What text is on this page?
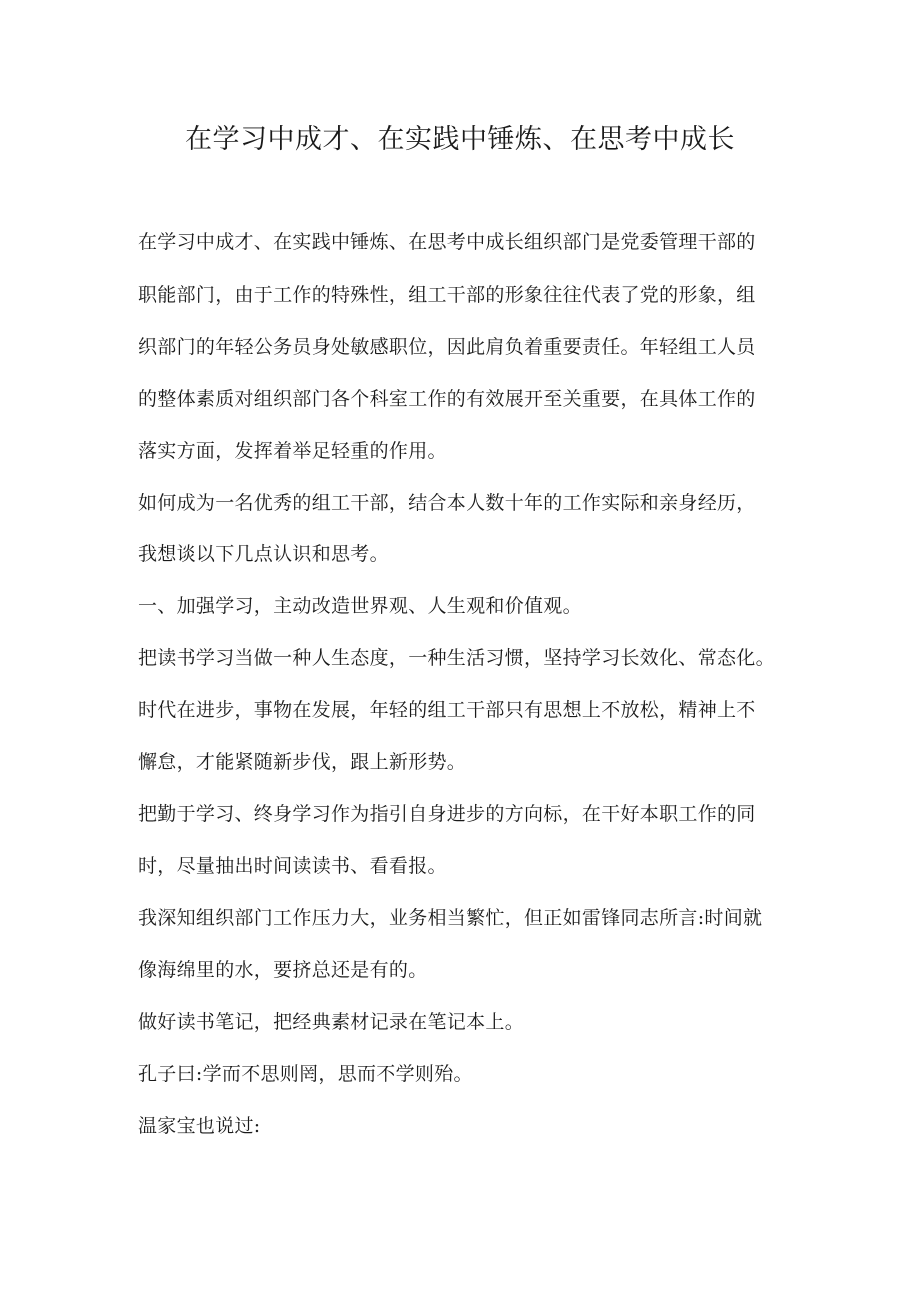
在学习中成才、在实践中锤炼、在思考中成长

在学习中成才、在实践中锤炼、在思考中成长组织部门是党委管理干部的

职能部门，由于工作的特殊性，组工干部的形象往往代表了党的形象，组

织部门的年轻公务员身处敏感职位，因此肩负着重要责任。年轻组工人员

的整体素质对组织部门各个科室工作的有效展开至关重要，在具体工作的

落实方面，发挥着举足轻重的作用。

如何成为一名优秀的组工干部，结合本人数十年的工作实际和亲身经历，

我想谈以下几点认识和思考。

一、加强学习，主动改造世界观、人生观和价值观。

把读书学习当做一种人生态度，一种生活习惯，坚持学习长效化、常态化。

时代在进步，事物在发展，年轻的组工干部只有思想上不放松，精神上不

懈怠，才能紧随新步伐，跟上新形势。

把勤于学习、终身学习作为指引自身进步的方向标，在干好本职工作的同

时，尽量抽出时间读读书、看看报。

我深知组织部门工作压力大，业务相当繁忙，但正如雷锋同志所言:时间就

像海绵里的水，要挤总还是有的。

做好读书笔记，把经典素材记录在笔记本上。

孔子曰:学而不思则罔，思而不学则殆。

温家宝也说过:
